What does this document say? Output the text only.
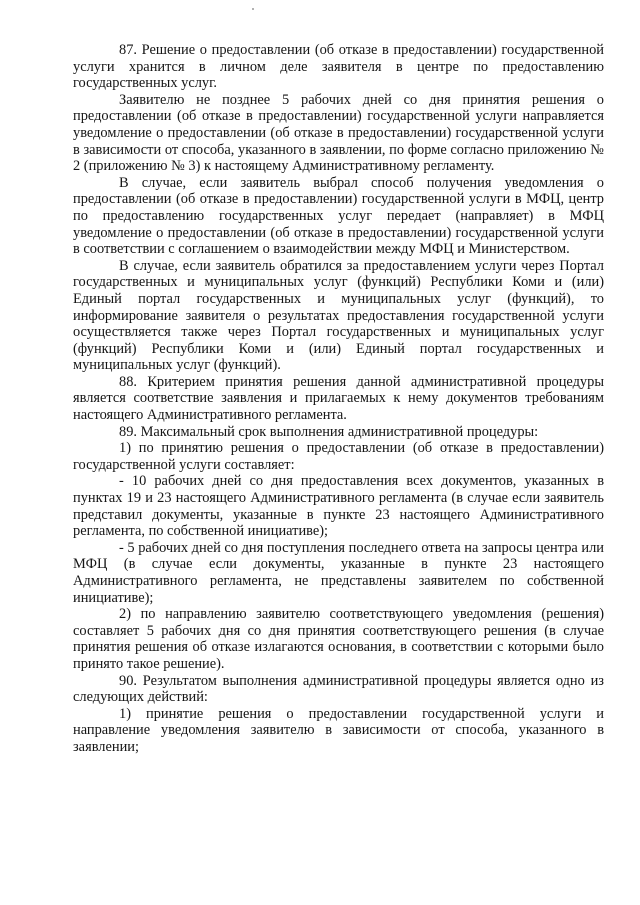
87. Решение о предоставлении (об отказе в предоставлении) государственной услуги хранится в личном деле заявителя в центре по предоставлению государственных услуг.

Заявителю не позднее 5 рабочих дней со дня принятия решения о предоставлении (об отказе в предоставлении) государственной услуги направляется уведомление о предоставлении (об отказе в предоставлении) государственной услуги в зависимости от способа, указанного в заявлении, по форме согласно приложению № 2 (приложению № 3) к настоящему Административному регламенту.

В случае, если заявитель выбрал способ получения уведомления о предоставлении (об отказе в предоставлении) государственной услуги в МФЦ, центр по предоставлению государственных услуг передает (направляет) в МФЦ уведомление о предоставлении (об отказе в предоставлении) государственной услуги в соответствии с соглашением о взаимодействии между МФЦ и Министерством.

В случае, если заявитель обратился за предоставлением услуги через Портал государственных и муниципальных услуг (функций) Республики Коми и (или) Единый портал государственных и муниципальных услуг (функций), то информирование заявителя о результатах предоставления государственной услуги осуществляется также через Портал государственных и муниципальных услуг (функций) Республики Коми и (или) Единый портал государственных и муниципальных услуг (функций).

88. Критерием принятия решения данной административной процедуры является соответствие заявления и прилагаемых к нему документов требованиям настоящего Административного регламента.

89. Максимальный срок выполнения административной процедуры:

1) по принятию решения о предоставлении (об отказе в предоставлении) государственной услуги составляет:

- 10 рабочих дней со дня предоставления всех документов, указанных в пунктах 19 и 23 настоящего Административного регламента (в случае если заявитель представил документы, указанные в пункте 23 настоящего Административного регламента, по собственной инициативе);

- 5 рабочих дней со дня поступления последнего ответа на запросы центра или МФЦ (в случае если документы, указанные в пункте 23 настоящего Административного регламента, не представлены заявителем по собственной инициативе);

2) по направлению заявителю соответствующего уведомления (решения) составляет 5 рабочих дня со дня принятия соответствующего решения (в случае принятия решения об отказе излагаются основания, в соответствии с которыми было принято такое решение).

90. Результатом выполнения административной процедуры является одно из следующих действий:

1) принятие решения о предоставлении государственной услуги и направление уведомления заявителю в зависимости от способа, указанного в заявлении;
